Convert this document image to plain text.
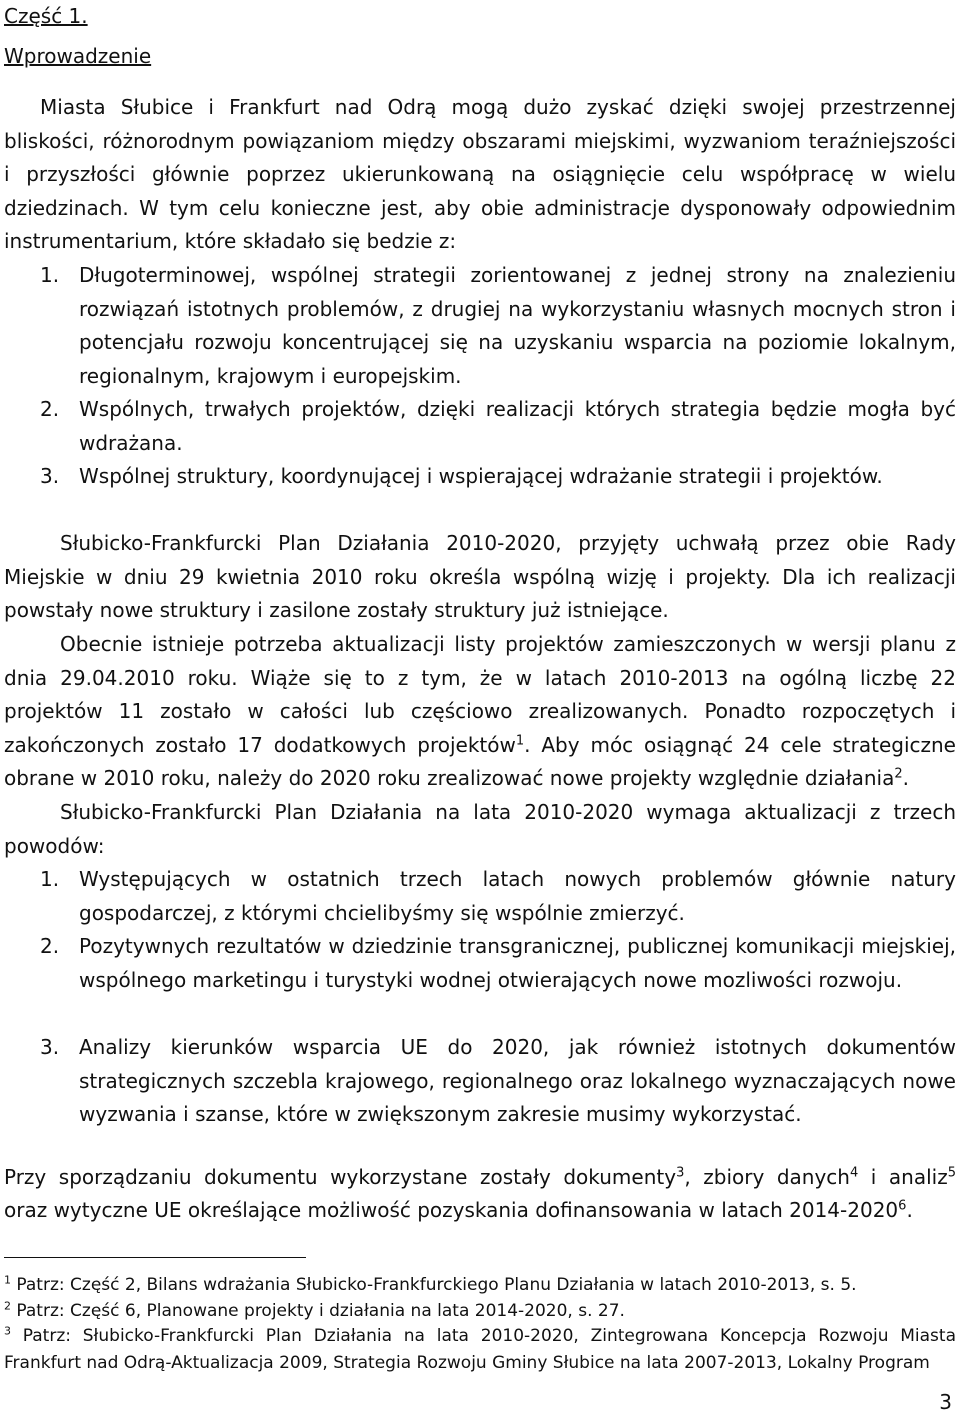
Część 1.
Wprowadzenie

Miasta Słubice i Frankfurt nad Odrą mogą dużo zyskać dzięki swojej przestrzennej bliskości, różnorodnym powiązaniom między obszarami miejskimi, wyzwaniom teraźniejszości i przyszłości głównie poprzez ukierunkowaną na osiągnięcie celu współpracę w wielu dziedzinach. W tym celu konieczne jest, aby obie administracje dysponowały odpowiednim instrumentarium, które składało się bedzie z:

1. Długoterminowej, wspólnej strategii zorientowanej z jednej strony na znalezieniu rozwiązań istotnych problemów, z drugiej na wykorzystaniu własnych mocnych stron i potencjału rozwoju koncentrującej się na uzyskaniu wsparcia na poziomie lokalnym, regionalnym, krajowym i europejskim.
2. Wspólnych, trwałych projektów, dzięki realizacji których strategia będzie mogła być wdrażana.
3. Wspólnej struktury, koordynującej i wspierającej wdrażanie strategii i projektów.

Słubicko-Frankfurcki Plan Działania 2010-2020, przyjęty uchwałą przez obie Rady Miejskie w dniu 29 kwietnia 2010 roku określa wspólną wizję i projekty. Dla ich realizacji powstały nowe struktury i zasilone zostały struktury już istniejące.

Obecnie istnieje potrzeba aktualizacji listy projektów zamieszczonych w wersji planu z dnia 29.04.2010 roku. Wiąże się to z tym, że w latach 2010-2013 na ogólną liczbę 22 projektów 11 zostało w całości lub częściowo zrealizowanych. Ponadto rozpoczętych i zakończonych zostało 17 dodatkowych projektów$^1$. Aby móc osiągnąć 24 cele strategiczne obrane w 2010 roku, należy do 2020 roku zrealizować nowe projekty względnie działania$^2$.

Słubicko-Frankfurcki Plan Działania na lata 2010-2020 wymaga aktualizacji z trzech powodów:

1. Występujących w ostatnich trzech latach nowych problemów głównie natury gospodarczej, z którymi chcielibyśmy się wspólnie zmierzyć.
2. Pozytywnych rezultatów w dziedzinie transgranicznej, publicznej komunikacji miejskiej, wspólnego marketingu i turystyki wodnej otwierających nowe mozliwości rozwoju.
3. Analizy kierunków wsparcia UE do 2020, jak również istotnych dokumentów strategicznych szczebla krajowego, regionalnego oraz lokalnego wyznaczających nowe wyzwania i szanse, które w zwiększonym zakresie musimy wykorzystać.
Przy sporządzaniu dokumentu wykorzystane zostały dokumenty$^3$, zbiory danych$^4$ i analiz$^5$
oraz wytyczne UE określające możliwość pozyskania dofinansowania w latach 2014-2020$^6$.

$^1$ Patrz: Część 2, Bilans wdrażania Słubicko-Frankfurckiego Planu Działania w latach 2010-2013, s. 5.

$^2$ Patrz: Część 6, Planowane projekty i działania na lata 2014-2020, s. 27.

$^3$ Patrz: Słubicko-Frankfurcki Plan Działania na lata 2010-2020, Zintegrowana Koncepcja Rozwoju Miasta Frankfurt nad Odrą-Aktualizacja 2009, Strategia Rozwoju Gminy Słubice na lata 2007-2013, Lokalny Program

3
